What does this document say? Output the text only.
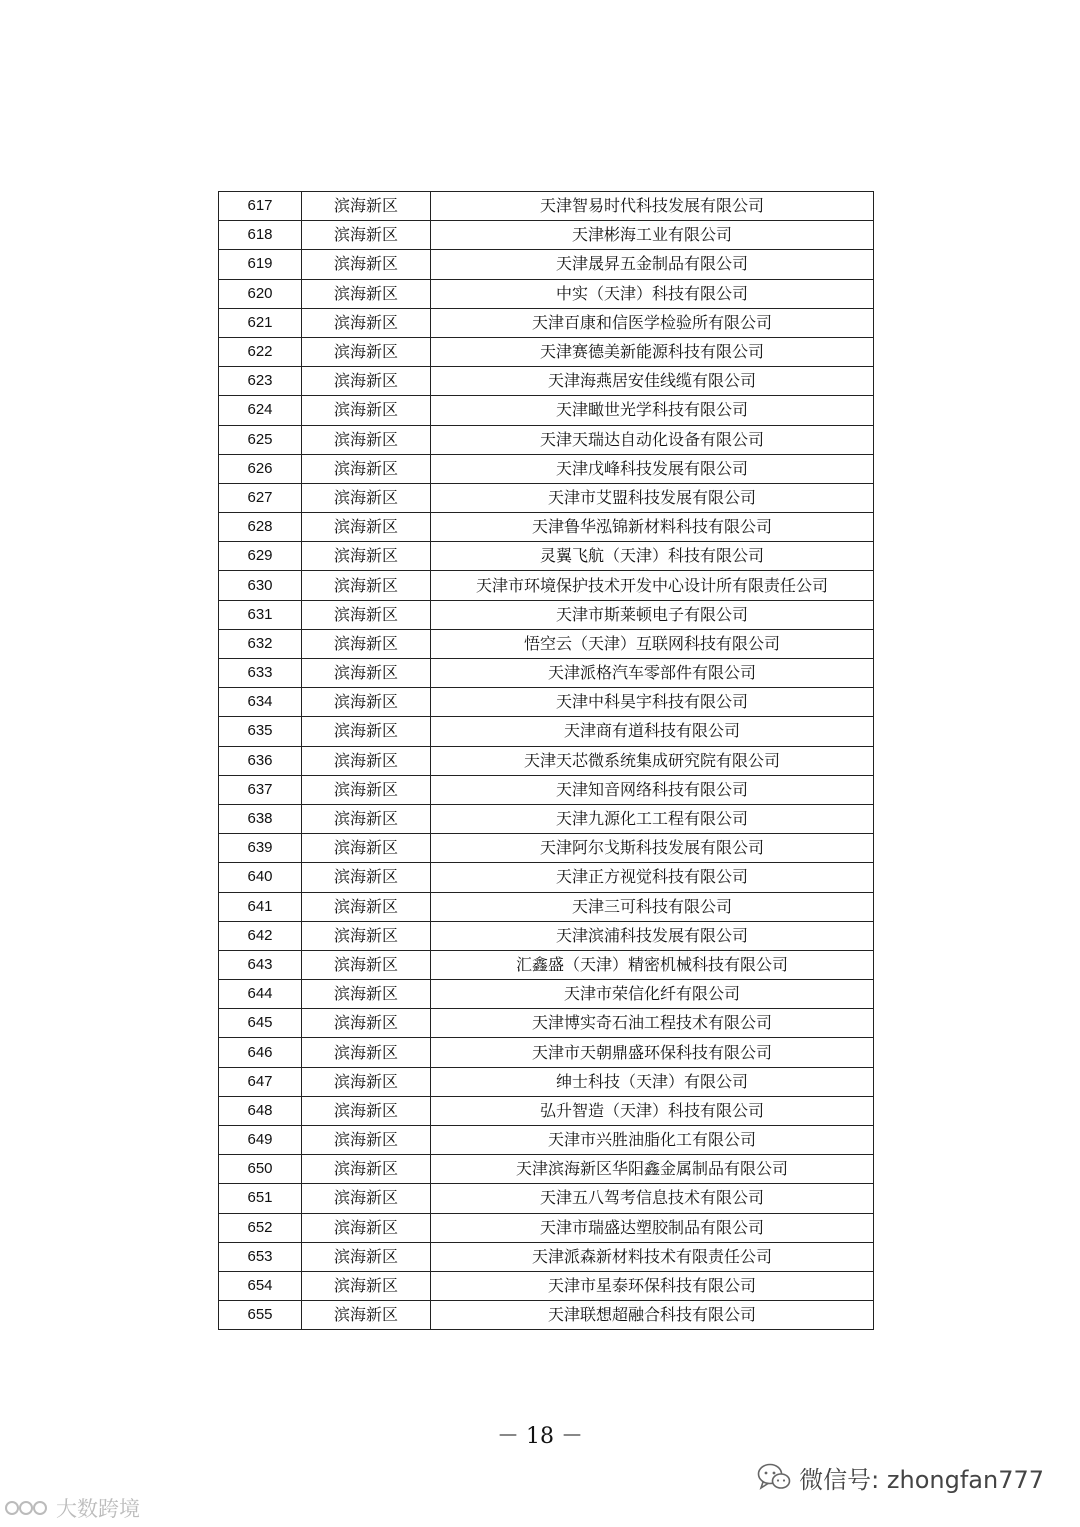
617	滨海新区	天津智易时代科技发展有限公司
618	滨海新区	天津彬海工业有限公司
619	滨海新区	天津晟昇五金制品有限公司
620	滨海新区	中实（天津）科技有限公司
621	滨海新区	天津百康和信医学检验所有限公司
622	滨海新区	天津赛德美新能源科技有限公司
623	滨海新区	天津海燕居安佳线缆有限公司
624	滨海新区	天津瞰世光学科技有限公司
625	滨海新区	天津天瑞达自动化设备有限公司
626	滨海新区	天津戊峰科技发展有限公司
627	滨海新区	天津市艾盟科技发展有限公司
628	滨海新区	天津鲁华泓锦新材料科技有限公司
629	滨海新区	灵翼飞航（天津）科技有限公司
630	滨海新区	天津市环境保护技术开发中心设计所有限责任公司
631	滨海新区	天津市斯莱顿电子有限公司
632	滨海新区	悟空云（天津）互联网科技有限公司
633	滨海新区	天津派格汽车零部件有限公司
634	滨海新区	天津中科昊宇科技有限公司
635	滨海新区	天津商有道科技有限公司
636	滨海新区	天津天芯微系统集成研究院有限公司
637	滨海新区	天津知音网络科技有限公司
638	滨海新区	天津九源化工工程有限公司
639	滨海新区	天津阿尔戈斯科技发展有限公司
640	滨海新区	天津正方视觉科技有限公司
641	滨海新区	天津三可科技有限公司
642	滨海新区	天津滨浦科技发展有限公司
643	滨海新区	汇鑫盛（天津）精密机械科技有限公司
644	滨海新区	天津市荣信化纤有限公司
645	滨海新区	天津博实奇石油工程技术有限公司
646	滨海新区	天津市天朝鼎盛环保科技有限公司
647	滨海新区	绅士科技（天津）有限公司
648	滨海新区	弘升智造（天津）科技有限公司
649	滨海新区	天津市兴胜油脂化工有限公司
650	滨海新区	天津滨海新区华阳鑫金属制品有限公司
651	滨海新区	天津五八驾考信息技术有限公司
652	滨海新区	天津市瑞盛达塑胶制品有限公司
653	滨海新区	天津派森新材料技术有限责任公司
654	滨海新区	天津市星泰环保科技有限公司
655	滨海新区	天津联想超融合科技有限公司
－ 18 －
微信号: zhongfan777
大数跨境
